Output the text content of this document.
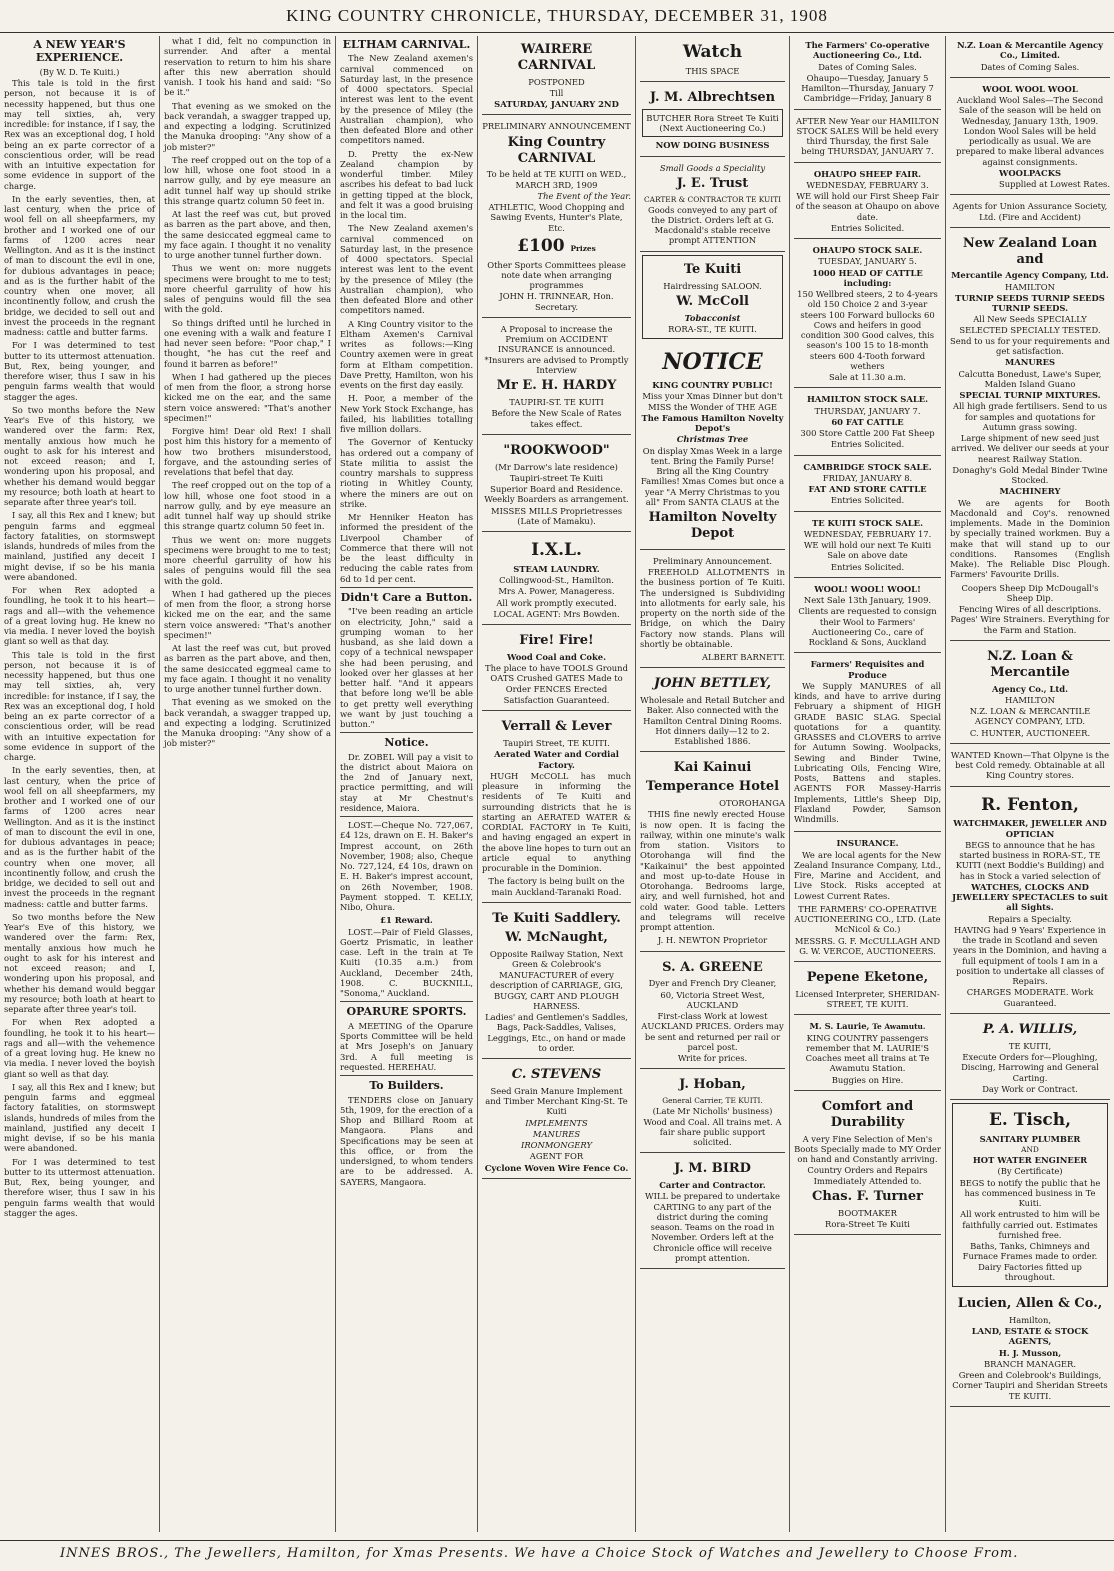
KING COUNTRY CHRONICLE, THURSDAY, DECEMBER 31, 1908
A NEW YEAR'S EXPERIENCE.
(By W. D. Te Kuiti.)

This tale is told in the first person, not because it is of necessity happened, but thus one may tell sixties, ah, very incredible: for instance, if I say, the Rex was an exceptional dog, I hold being an ex parte corrector of a conscientious order, will be read with an intuitive expectation for some evidence in support of the charge.

In the early seventies, then, at last century, when the price of wool fell on all sheepfarmers, my brother and I worked one of our farms of 1200 acres near Wellington. And as it is the instinct of man to discount the evil in one, for dubious advantages in peace; and as is the further habit of the country when one mover, all incontinently follow, and crush the bridge, we decided to sell out and invest the proceeds in the regnant madness: cattle and butter farms.

For I was determined to test butter to its uttermost attenuation. But, Rex, being younger, and therefore wiser, thus I saw in his penguin farms wealth that would stagger the ages.

So two months before the New Year's Eve of this history, we wandered over the farm: Rex, mentally anxious how much he ought to ask for his interest and not exceed reason; and I, wondering upon his proposal, and whether his demand would beggar my resource; both loath at heart to separate after three year's toil.

I say, all this Rex and I knew; but penguin farms and eggmeal factory fatalities, on stormswept islands, hundreds of miles from the mainland, justified any deceit I might devise, if so be his mania were abandoned.

For when Rex adopted a foundling, he took it to his heart—rags and all—with the vehemence of a great loving hug. He knew no via media. I never loved the boyish giant so well as that day.

This tale is told in the first person, not because it is of necessity happened, but thus one may tell sixties, ah, very incredible: for instance, if I say, the Rex was an exceptional dog, I hold being an ex parte corrector of a conscientious order, will be read with an intuitive expectation for some evidence in support of the charge.

In the early seventies, then, at last century, when the price of wool fell on all sheepfarmers, my brother and I worked one of our farms of 1200 acres near Wellington. And as it is the instinct of man to discount the evil in one, for dubious advantages in peace; and as is the further habit of the country when one mover, all incontinently follow, and crush the bridge, we decided to sell out and invest the proceeds in the regnant madness: cattle and butter farms.

So two months before the New Year's Eve of this history, we wandered over the farm: Rex, mentally anxious how much he ought to ask for his interest and not exceed reason; and I, wondering upon his proposal, and whether his demand would beggar my resource; both loath at heart to separate after three year's toil.

For when Rex adopted a foundling, he took it to his heart—rags and all—with the vehemence of a great loving hug. He knew no via media. I never loved the boyish giant so well as that day.

I say, all this Rex and I knew; but penguin farms and eggmeal factory fatalities, on stormswept islands, hundreds of miles from the mainland, justified any deceit I might devise, if so be his mania were abandoned.

For I was determined to test butter to its uttermost attenuation. But, Rex, being younger, and therefore wiser, thus I saw in his penguin farms wealth that would stagger the ages.

what I did, felt no compunction in surrender. And after a mental reservation to return to him his share after this new aberration should vanish. I took his hand and said: "So be it."

That evening as we smoked on the back verandah, a swagger trapped up, and expecting a lodging. Scrutinized the Manuka drooping: "Any show of a job mister?"

The reef cropped out on the top of a low hill, whose one foot stood in a narrow gully, and by eye measure an adit tunnel half way up should strike this strange quartz column 50 feet in.

At last the reef was cut, but proved as barren as the part above, and then, the same desiccated eggmeal came to my face again. I thought it no venality to urge another tunnel further down.

Thus we went on: more nuggets specimens were brought to me to test; more cheerful garrulity of how his sales of penguins would fill the sea with the gold.

So things drifted until he lurched in one evening with a walk and feature I had never seen before: "Poor chap," I thought, "he has cut the reef and found it barren as before!"

When I had gathered up the pieces of men from the floor, a strong horse kicked me on the ear, and the same stern voice answered: "That's another specimen!"

Forgive him! Dear old Rex! I shall post him this history for a memento of how two brothers misunderstood, forgave, and the astounding series of revelations that befel that day.

The reef cropped out on the top of a low hill, whose one foot stood in a narrow gully, and by eye measure an adit tunnel half way up should strike this strange quartz column 50 feet in.

Thus we went on: more nuggets specimens were brought to me to test; more cheerful garrulity of how his sales of penguins would fill the sea with the gold.

When I had gathered up the pieces of men from the floor, a strong horse kicked me on the ear, and the same stern voice answered: "That's another specimen!"

At last the reef was cut, but proved as barren as the part above, and then, the same desiccated eggmeal came to my face again. I thought it no venality to urge another tunnel further down.

That evening as we smoked on the back verandah, a swagger trapped up, and expecting a lodging. Scrutinized the Manuka drooping: "Any show of a job mister?"

ELTHAM CARNIVAL.

The New Zealand axemen's carnival commenced on Saturday last, in the presence of 4000 spectators. Special interest was lent to the event by the presence of Miley (the Australian champion), who then defeated Blore and other competitors named.

D. Pretty the ex-New Zealand champion by wonderful timber. Miley ascribes his defeat to bad luck in getting tipped at the block, and felt it was a good bruising in the local tim.

The New Zealand axemen's carnival commenced on Saturday last, in the presence of 4000 spectators. Special interest was lent to the event by the presence of Miley (the Australian champion), who then defeated Blore and other competitors named.

A King Country visitor to the Eltham Axemen's Carnival writes as follows:—King Country axemen were in great form at Eltham competition. Dave Pretty, Hamilton, won his events on the first day easily.

H. Poor, a member of the New York Stock Exchange, has failed, his liabilities totalling five million dollars.

The Governor of Kentucky has ordered out a company of State militia to assist the country marshals to suppress rioting in Whitley County, where the miners are out on strike.

Mr Henniker Heaton has informed the president of the Liverpool Chamber of Commerce that there will not be the least difficulty in reducing the cable rates from 6d to 1d per cent.

Didn't Care a Button.

"I've been reading an article on electricity, John," said a grumping woman to her husband, as she laid down a copy of a technical newspaper she had been perusing, and looked over her glasses at her better half. "And it appears that before long we'll be able to get pretty well everything we want by just touching a button."

Notice.

Dr. ZOBEL Will pay a visit to the district about Maiora on the 2nd of January next, practice permitting, and will stay at Mr Chestnut's residence, Maiora.

LOST.—Cheque No. 727,067, £4 12s, drawn on E. H. Baker's Imprest account, on 26th November, 1908; also, Cheque No. 727,124, £4 10s, drawn on E. H. Baker's imprest account, on 26th November, 1908. Payment stopped. T. KELLY, Nibo, Ohura.

£1 Reward.

LOST.—Pair of Field Glasses, Goertz Prismatic, in leather case. Left in the train at Te Kuiti (10.35 a.m.) from Auckland, December 24th, 1908. C. BUCKNILL, "Sonoma," Auckland.

OPARURE SPORTS.

A MEETING of the Oparure Sports Committee will be held at Mrs Joseph's on January 3rd. A full meeting is requested. HEREHAU.

To Builders.

TENDERS close on January 5th, 1909, for the erection of a Shop and Billiard Room at Mangaora. Plans and Specifications may be seen at this office, or from the undersigned, to whom tenders are to be addressed. A. SAYERS, Mangaora.

WAIRERE CARNIVAL
POSTPONED
Till
SATURDAY, JANUARY 2ND
PRELIMINARY ANNOUNCEMENT
King Country CARNIVAL
To be held at TE KUITI on WED., MARCH 3RD, 1909
The Event of the Year.
ATHLETIC, Wood Chopping and Sawing Events, Hunter's Plate, Etc.
£100 Prizes
Other Sports Committees please note date when arranging programmes
JOHN H. TRINNEAR, Hon. Secretary.
A Proposal to increase the Premium on ACCIDENT INSURANCE is announced. *Insurers are advised to Promptly Interview
Mr E. H. HARDY
TAUPIRI-ST. TE KUITI
Before the New Scale of Rates takes effect.
"ROOKWOOD"
(Mr Darrow's late residence)
Taupiri-street Te Kuiti
Superior Board and Residence. Weekly Boarders as arrangement.
MISSES MILLS Proprietresses (Late of Mamaku).
I.X.L.
STEAM LAUNDRY.
Collingwood-St., Hamilton.
Mrs A. Power, Manageress.
All work promptly executed.
LOCAL AGENT: Mrs Bowden.
Fire! Fire!
Wood Coal and Coke.
The place to have TOOLS Ground OATS Crushed GATES Made to Order FENCES Erected
Satisfaction Guaranteed.
Verrall & Lever
Taupiri Street, TE KUITI.
Aerated Water and Cordial Factory.

HUGH McCOLL has much pleasure in informing the residents of Te Kuiti and surrounding districts that he is starting an AERATED WATER & CORDIAL FACTORY in Te Kuiti, and having engaged an expert in the above line hopes to turn out an article equal to anything procurable in the Dominion.

The factory is being built on the main Auckland-Taranaki Road.
Te Kuiti Saddlery.
W. McNaught,
Opposite Railway Station, Next Green & Colebrook's
MANUFACTURER of every description of CARRIAGE, GIG, BUGGY, CART AND PLOUGH HARNESS.
Ladies' and Gentlemen's Saddles, Bags, Pack-Saddles, Valises, Leggings, Etc., on hand or made to order.
C. STEVENS
Seed Grain Manure Implement and Timber Merchant King-St. Te Kuiti
IMPLEMENTS
MANURES
IRONMONGERY
AGENT FOR
Cyclone Woven Wire Fence Co.
Watch
THIS SPACE
J. M. Albrechtsen
BUTCHER Rora Street Te Kuiti (Next Auctioneering Co.)
NOW DOING BUSINESS
Small Goods a Speciality
J. E. Trust
CARTER & CONTRACTOR TE KUITI
Goods conveyed to any part of the District. Orders left at G. Macdonald's stable receive prompt ATTENTION
Te Kuiti
Hairdressing SALOON.
W. McColl
Tobacconist
RORA-ST., TE KUITI.
NOTICE
KING COUNTRY PUBLIC!
Miss your Xmas Dinner but don't MISS the Wonder of THE AGE
The Famous Hamilton Novelty Depot's
Christmas Tree
On display Xmas Week in a large tent. Bring the Family Purse! Bring all the King Country Families! Xmas Comes but once a year "A Merry Christmas to you all" From SANTA CLAUS at the
Hamilton Novelty Depot
Preliminary Announcement.

FREEHOLD ALLOTMENTS in the business portion of Te Kuiti. The undersigned is Subdividing into allotments for early sale, his property on the north side of the Bridge, on which the Dairy Factory now stands. Plans will shortly be obtainable.

ALBERT BARNETT.
JOHN BETTLEY,
Wholesale and Retail Butcher and Baker. Also connected with the Hamilton Central Dining Rooms. Hot dinners daily—12 to 2. Established 1886.
Kai Kainui
Temperance Hotel
OTOROHANGA

THIS fine newly erected House is now open. It is facing the railway, within one minute's walk from station. Visitors to Otorohanga will find the "Kaikainui" the best appointed and most up-to-date House in Otorohanga. Bedrooms large, airy, and well furnished, hot and cold water. Good table. Letters and telegrams will receive prompt attention.

J. H. NEWTON Proprietor
S. A. GREENE
Dyer and French Dry Cleaner,
60, Victoria Street West, AUCKLAND
First-class Work at lowest AUCKLAND PRICES. Orders may be sent and returned per rail or parcel post.
Write for prices.
J. Hoban,
General Carrier, TE KUITI.
(Late Mr Nicholls' business) Wood and Coal. All trains met. A fair share public support solicited.
J. M. BIRD
Carter and Contractor.
WILL be prepared to undertake CARTING to any part of the district during the coming season. Teams on the road in November. Orders left at the Chronicle office will receive prompt attention.
The Farmers' Co-operative Auctioneering Co., Ltd.
Dates of Coming Sales.
Ohaupo—Tuesday, January 5 Hamilton—Thursday, January 7 Cambridge—Friday, January 8
AFTER New Year our HAMILTON STOCK SALES Will be held every third Thursday, the first Sale being THURSDAY, JANUARY 7.
OHAUPO SHEEP FAIR.
WEDNESDAY, FEBRUARY 3.
WE will hold our First Sheep Fair of the season at Ohaupo on above date.
Entries Solicited.
OHAUPO STOCK SALE.
TUESDAY, JANUARY 5.
1000 HEAD OF CATTLE including:
150 Wellbred steers, 2 to 4-years old 150 Choice 2 and 3-year steers 100 Forward bullocks 60 Cows and heifers in good condition 300 Good calves, this season's 100 15 to 18-month steers 600 4-Tooth forward wethers
Sale at 11.30 a.m.
HAMILTON STOCK SALE.
THURSDAY, JANUARY 7.
60 FAT CATTLE
300 Store Cattle 200 Fat Sheep
Entries Solicited.
CAMBRIDGE STOCK SALE.
FRIDAY, JANUARY 8.
FAT AND STORE CATTLE
Entries Solicited.
TE KUITI STOCK SALE.
WEDNESDAY, FEBRUARY 17.
WE will hold our next Te Kuiti Sale on above date
Entries Solicited.
WOOL! WOOL! WOOL!
Next Sale 13th January, 1909.
Clients are requested to consign their Wool to Farmers' Auctioneering Co., care of Rockland & Sons, Auckland
Farmers' Requisites and Produce

We Supply MANURES of all kinds, and have to arrive during February a shipment of HIGH GRADE BASIC SLAG. Special quotations for a quantity. GRASSES and CLOVERS to arrive for Autumn Sowing. Woolpacks, Sewing and Binder Twine, Lubricating Oils, Fencing Wire, Posts, Battens and staples. AGENTS FOR Massey-Harris Implements, Little's Sheep Dip, Flaxland Powder, Samson Windmills.

INSURANCE.

We are local agents for the New Zealand Insurance Company, Ltd., Fire, Marine and Accident, and Live Stock. Risks accepted at Lowest Current Rates.

THE FARMERS' CO-OPERATIVE AUCTIONEERING CO., LTD. (Late McNicol & Co.)
MESSRS. G. F. McCULLAGH AND G. W. VERCOE, AUCTIONEERS.
Pepene Eketone,
Licensed Interpreter, SHERIDAN-STREET, TE KUITI.
M. S. Laurie, Te Awamutu.
KING COUNTRY passengers remember that M. LAURIE'S Coaches meet all trains at Te Awamutu Station.
Buggies on Hire.
Comfort and Durability
A very Fine Selection of Men's Boots Specially made to MY Order on hand and Constantly arriving.
Country Orders and Repairs Immediately Attended to.
Chas. F. Turner
BOOTMAKER
Rora-Street Te Kuiti
N.Z. Loan & Mercantile Agency Co., Limited.
Dates of Coming Sales.
WOOL WOOL WOOL
Auckland Wool Sales—The Second Sale of the season will be held on Wednesday, January 13th, 1909. London Wool Sales will be held periodically as usual. We are prepared to make liberal advances against consignments.
WOOLPACKS
Supplied at Lowest Rates.
Agents for Union Assurance Society, Ltd. (Fire and Accident)
New Zealand Loan and
Mercantile Agency Company, Ltd.
HAMILTON
TURNIP SEEDS TURNIP SEEDS TURNIP SEEDS.
All New Seeds SPECIALLY SELECTED SPECIALLY TESTED.
Send to us for your requirements and get satisfaction.
MANURES
Calcutta Bonedust, Lawe's Super, Malden Island Guano
SPECIAL TURNIP MIXTURES.
All high grade fertilisers. Send to us for samples and quotations for Autumn grass sowing.
Large shipment of new seed just arrived. We deliver our seeds at your nearest Railway Station.
Donaghy's Gold Medal Binder Twine Stocked.
MACHINERY

We are agents for Booth Macdonald and Coy's. renowned implements. Made in the Dominion by specially trained workmen. Buy a make that will stand up to our conditions. Ransomes (English Make). The Reliable Disc Plough. Farmers' Favourite Drills.

Coopers Sheep Dip McDougall's Sheep Dip.
Fencing Wires of all descriptions. Pages' Wire Strainers. Everything for the Farm and Station.
N.Z. Loan & Mercantile
Agency Co., Ltd.
HAMILTON
N.Z. LOAN & MERCANTILE AGENCY COMPANY, LTD.
C. HUNTER, AUCTIONEER.
WANTED Known—That Olpyne is the best Cold remedy. Obtainable at all King Country stores.
R. Fenton,
WATCHMAKER, JEWELLER AND OPTICIAN
BEGS to announce that he has started business in RORA-ST., TE KUITI (next Boddie's Building) and has in Stock a varied selection of
WATCHES, CLOCKS AND JEWELLERY SPECTACLES to suit all Sights.
Repairs a Specialty.
HAVING had 9 Years' Experience in the trade in Scotland and seven years in the Dominion, and having a full equipment of tools I am in a position to undertake all classes of Repairs.
CHARGES MODERATE. Work Guaranteed.
P. A. WILLIS,
TE KUITI,
Execute Orders for—Ploughing, Discing, Harrowing and General Carting.
Day Work or Contract.
E. Tisch,
SANITARY PLUMBER
AND
HOT WATER ENGINEER
(By Certificate)
BEGS to notify the public that he has commenced business in Te Kuiti.
All work entrusted to him will be faithfully carried out. Estimates furnished free.
Baths, Tanks, Chimneys and Furnace Frames made to order. Dairy Factories fitted up throughout.
Lucien, Allen & Co.,
Hamilton,
LAND, ESTATE & STOCK AGENTS,
H. J. Musson,
BRANCH MANAGER.
Green and Colebrook's Buildings, Corner Taupiri and Sheridan Streets TE KUITI.
INNES BROS., The Jewellers, Hamilton, for Xmas Presents. We have a Choice Stock of Watches and Jewellery to Choose From.
